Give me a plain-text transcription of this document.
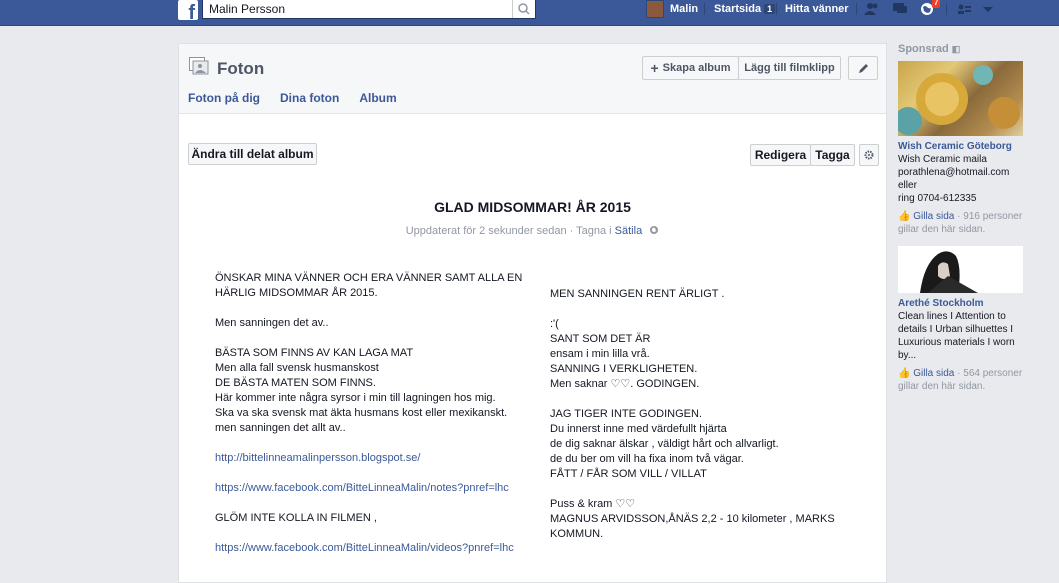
f
Malin Persson	Malin Startsida 1 Hitta vänner
7
Foton	+ Skapa album	Lägg till filmklipp
Foton på dig Dina foton Album
Ändra till delat album	Redigera Tagga
GLAD MIDSOMMAR! ÅR 2015
Uppdaterat för 2 sekunder sedan · Tagna i Sätila
ÖNSKAR MINA VÄNNER OCH ERA VÄNNER SAMT ALLA EN
HÄRLIG MIDSOMMAR ÅR 2015.
Men sanningen det av..
BÄSTA SOM FINNS AV KAN LAGA MAT
Men alla fall svensk husmanskost
DE BÄSTA MATEN SOM FINNS.
Här kommer inte några syrsor i min till lagningen hos mig.
Ska va ska svensk mat äkta husmans kost eller mexikanskt.
men sanningen det allt av..
http://bittelinneamalinpersson.blogspot.se/
https://www.facebook.com/BitteLinneaMalin/notes?pnref=lhc
GLÖM INTE KOLLA IN FILMEN ,
https://www.facebook.com/BitteLinneaMalin/videos?pnref=lhc
MEN SANNINGEN RENT ÄRLIGT .
:'(
SANT SOM DET ÄR
ensam i min lilla vrå.
SANNING I VERKLIGHETEN.
Men saknar ♡♡. GODINGEN.
JAG TIGER INTE GODINGEN.
Du innerst inne med värdefullt hjärta
de dig saknar älskar , väldigt hårt och allvarligt.
de du ber om vill ha fixa inom två vägar.
FÅTT / FÅR SOM VILL / VILLAT
Puss & kram ♡♡
MAGNUS ARVIDSSON,ÅNÄS 2,2 - 10 kilometer , MARKS
KOMMUN.
Sponsrad ◧
Wish Ceramic Göteborg
Wish Ceramic maila
porathlena@hotmail.com eller
ring 0704-612335
👍 Gilla sida · 916 personer gillar den här sidan.
Arethé Stockholm
Clean lines I Attention to
details I Urban silhuettes I
Luxurious materials I worn
by...
👍 Gilla sida · 564 personer gillar den här sidan.
